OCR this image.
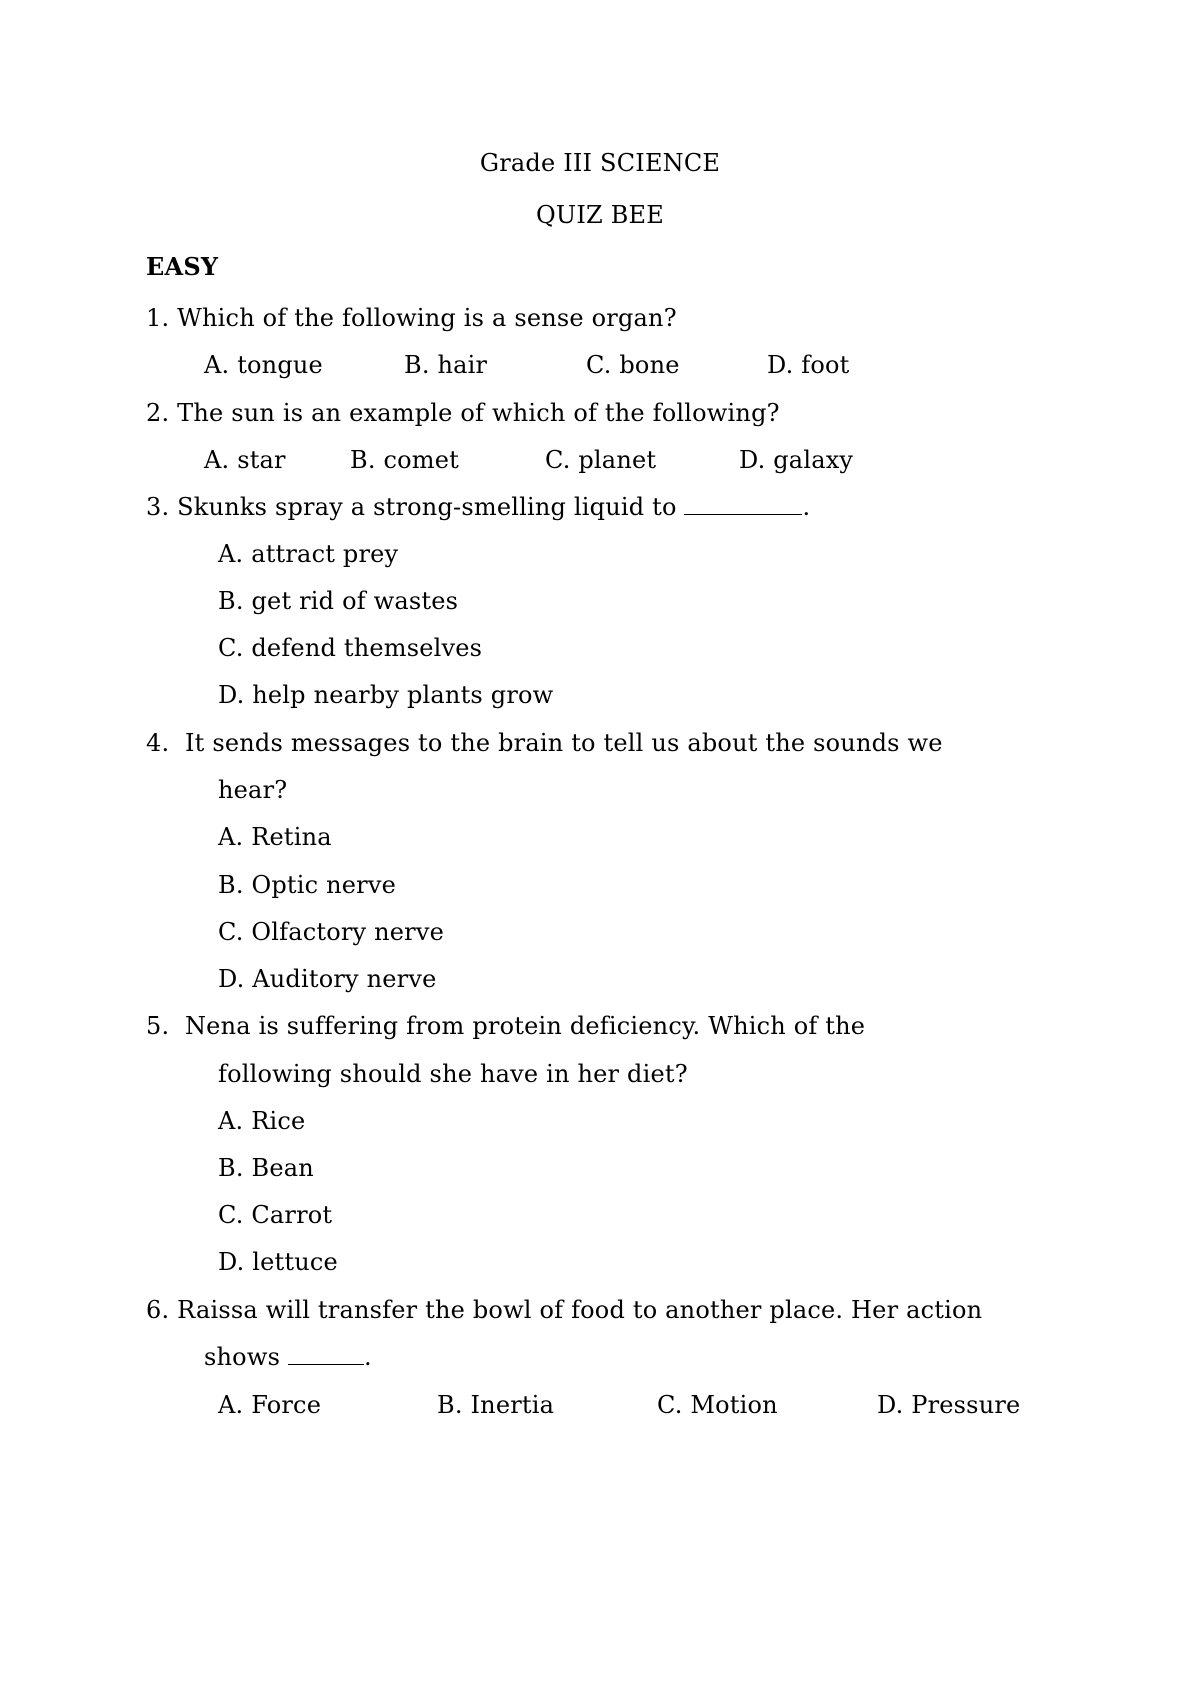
Grade III SCIENCE
QUIZ BEE
EASY
1. Which of the following is a sense organ?
A. tongue	B. hair	C. bone	D. foot
2. The sun is an example of which of the following?
A. star	B. comet	C. planet	D. galaxy
3. Skunks spray a strong-smelling liquid to	.
A. attract prey
B. get rid of wastes
C. defend themselves
D. help nearby plants grow
4. It sends messages to the brain to tell us about the sounds we
hear?
A. Retina
B. Optic nerve
C. Olfactory nerve
D. Auditory nerve
5. Nena is suffering from protein deficiency. Which of the
following should she have in her diet?
A. Rice
B. Bean
C. Carrot
D. lettuce
6. Raissa will transfer the bowl of food to another place. Her action
shows	.
A. Force	B. Inertia	C. Motion	D. Pressure
